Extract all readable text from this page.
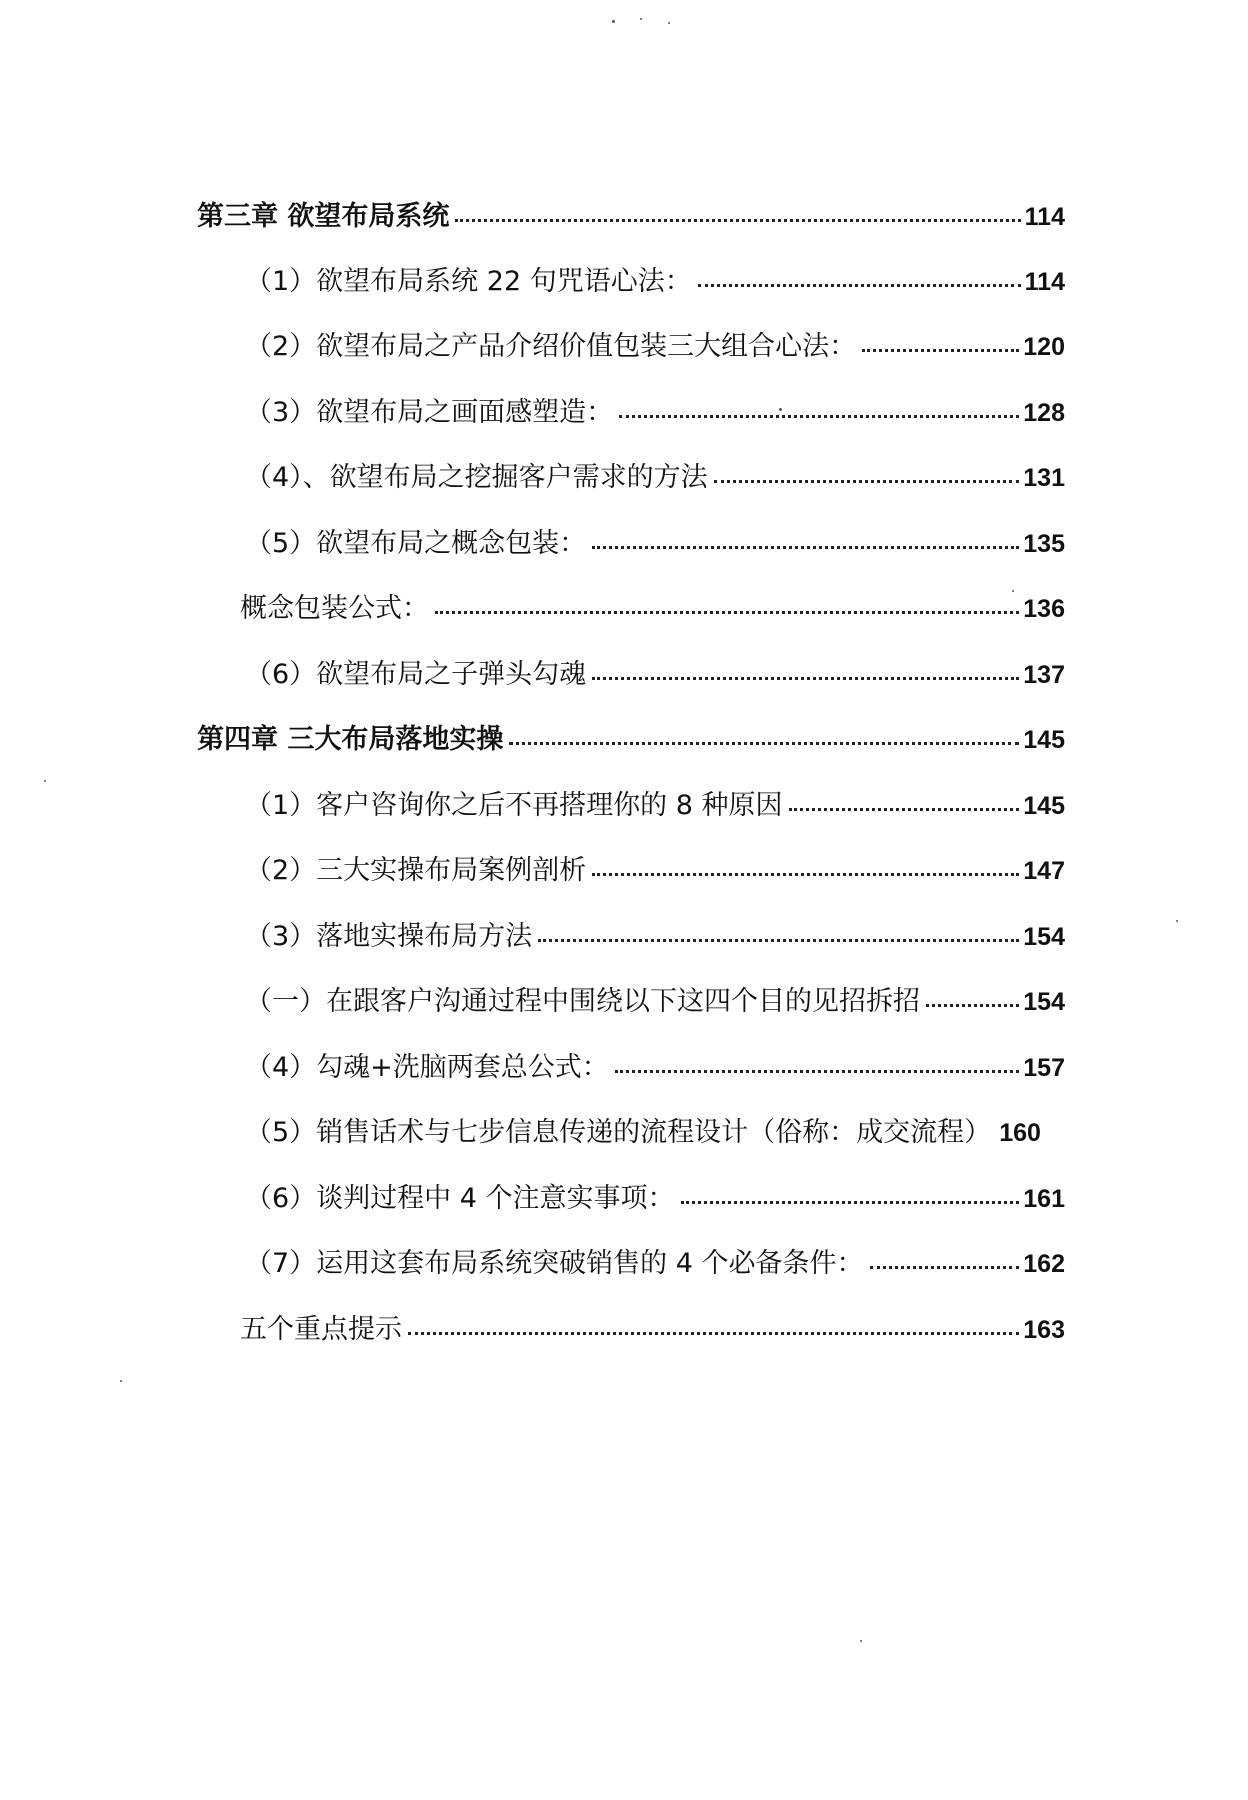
第三章 欲望布局系统	114
（1）欲望布局系统 22 句咒语心法：	114
（2）欲望布局之产品介绍价值包装三大组合心法：	120
（3）欲望布局之画面感塑造：	128
（4）、欲望布局之挖掘客户需求的方法	131
（5）欲望布局之概念包装：	135
概念包装公式：	136
（6）欲望布局之子弹头勾魂	137
第四章 三大布局落地实操	145
（1）客户咨询你之后不再搭理你的 8 种原因	145
（2）三大实操布局案例剖析	147
（3）落地实操布局方法	154
（一）在跟客户沟通过程中围绕以下这四个目的见招拆招	154
（4）勾魂+洗脑两套总公式：	157
（5）销售话术与七步信息传递的流程设计（俗称：成交流程） 160
（6）谈判过程中 4 个注意实事项：	161
（7）运用这套布局系统突破销售的 4 个必备条件：	162
五个重点提示	163
